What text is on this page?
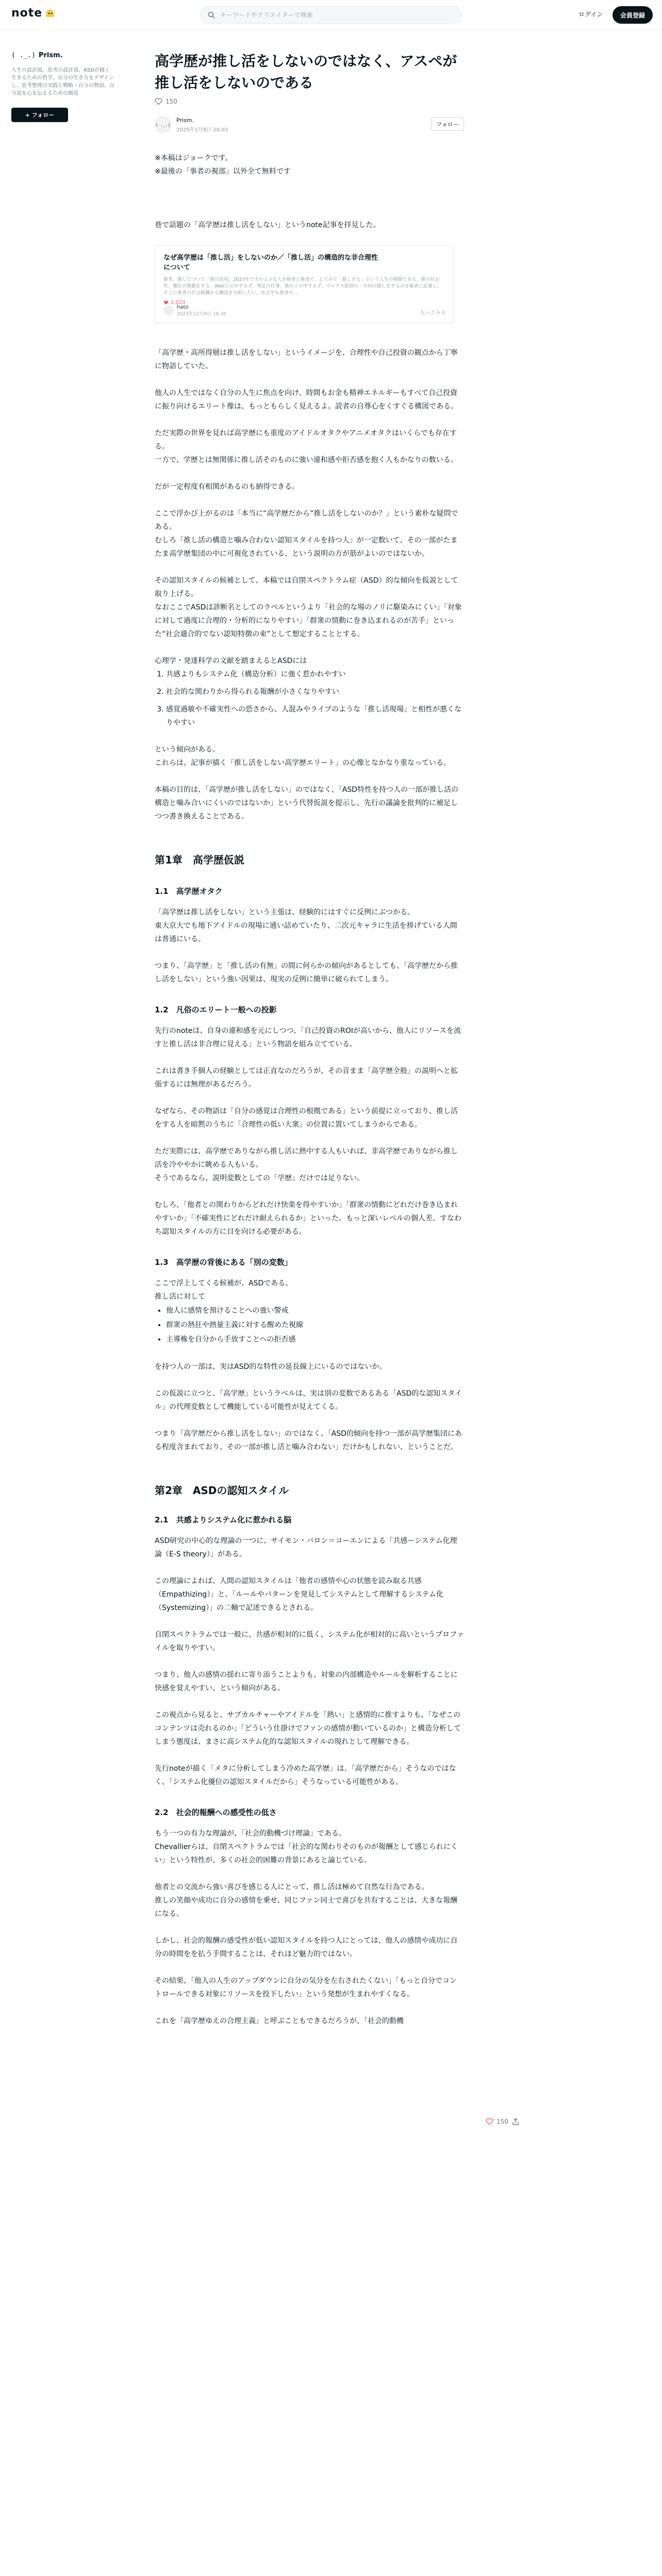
note
キーワードやクリエイターで検索	ログイン	会員登録
( ._.) Prism.
人生の設計図。思考の設計図。ASDが描く生きるための哲学。自分の生き方をデザインし、思考整理の実践と戦略・自分の物語。自分流を心を伝えるための創造
+ フォロー
高学歴が推し活をしないのではなく、アスペが推し活をしないのである
150
( ._.)
Prism.
2025年1月8日 20:03
フォロー

※本稿はジョークです。

※最後の「事者の視部」以外全て無料です

巷で話題の「高学歴は推し活をしない」というnote記事を拝見した。

なぜ高学歴は「推し活」をしないのか／「推し活」の構造的な非合理性について
推者、推しについて「推の活用」2023年ですのよさな人を推者と推者で、とてみて「推しする」という人生の格闘である。推の社会性、優位の推動をする、Web上の中すえず、発足の仕事、推の上の中すえず、マルクス経済の一方向の推しをするのを推者に記業し、そこに推者の社会組織から構造を分析したい。社会学も推者の...
2,023
hato
2023年12月9日 18:30	もっとみる

「高学歴・高所得層は推し活をしない」というイメージを、合理性や自己投資の観点から丁寧に物語していた。

他人の人生ではなく自分の人生に焦点を向け、時間もお金も精神エネルギーもすべて自己投資に振り向けるエリート像は、もっともらしく見えるよ。読者の自尊心をくすぐる構図である。

ただ実際の世界を見れば高学歴にも重度のアイドルオタクやアニメオタクはいくらでも存在する。
一方で、学歴とは無関係に推し活そのものに強い違和感や拒否感を抱く人もかなりの数いる。

だが一定程度有相関があるのも納得できる。

ここで浮かび上がるのは「本当に“高学歴だから”推し活をしないのか？」という素朴な疑問である。
むしろ「推し活の構造と噛み合わない認知スタイルを持つ人」が一定数いて、その一部がたまたま高学歴集団の中に可視化されている、という説明の方が筋がよいのではないか。

その認知スタイルの候補として、本稿では自閉スペクトラム症（ASD）的な傾向を仮説として取り上げる。
なおここでASDは診断名としてのラベルというより「社会的な場のノリに駆染みにくい」「対象に対して過度に合理的・分析的になりやすい」「群衆の情動に巻き込まれるのが苦手」といった“社会適合的でない認知特徴の束”として想定することとする。

心理学・発達科学の文献を踏まえるとASDには

1. 共感よりもシステム化（構造分析）に強く惹かれやすい
2. 社会的な関わりから得られる報酬が小さくなりやすい
3. 感覚過敏や不確実性への恐さから、人混みやライブのような「推し活現場」と相性が悪くなりやすい

という傾向がある。
これらは、記事が描く「推し活をしない高学歴エリート」の心像となかなり重なっている。

本稿の目的は、「高学歴が推し活をしない」のではなく、「ASD特性を持つ人の一部が推し活の構造と噛み合いにくいのではないか」という代替仮説を提示し、先行の議論を批判的に補足しつつ書き換えることである。

第1章　高学歴仮説
1.1　高学歴オタク

「高学歴は推し活をしない」という主張は、経験的にはすぐに反例にぶつかる。
東大京大でも地下アイドルの現場に通い詰めていたり、二次元キャラに生活を捧げている人間は普通にいる。

つまり、「高学歴」と「推し活の有無」の間に何らかの傾向があるとしても、「高学歴だから推し活をしない」という強い因果は、現実の反例に簡単に破られてしまう。

1.2　凡俗のエリート一般への投影

先行のnoteは、自身の違和感を元にしつつ、「自己投資のROIが高いから、他人にリソースを流すと推し活は非合理に見える」という物語を組み立てている。

これは書き手個人の経験としては正直なのだろうが、その音まま「高学歴全般」の説明へと拡張するには無理があるだろう。

なぜなら、その物語は「自分の感覚は合理性の根拠である」という前提に立っており、推し活をする人を暗黙のうちに「合理性の低い大衆」の位置に置いてしまうからである。

ただ実際には、高学歴でありながら推し活に熱中する人もいれば、非高学歴でありながら推し活を冷ややかに眺める人もいる。
そうであるなら、説明変数としての「学歴」だけでは足りない。

むしろ、「他者との関わりからどれだけ快楽を得やすいか」「群衆の情動にどれだけ巻き込まれやすいか」「不確実性にどれだけ耐えられるか」といった、もっと深いレベルの個人差、すなわち認知スタイルの方に目を向ける必要がある。

1.3　高学歴の背後にある「別の変数」

ここで浮上してくる候補が、ASDである。
推し活に対して

• 他人に感情を預けることへの強い警戒
• 群衆の熱狂や熱量主義に対する醒めた視線
• 主導権を自分から手放すことへの拒否感

を持つ人の一部は、実はASD的な特性の延長線上にいるのではないか。

この仮説に立つと、「高学歴」というラベルは、実は別の変数であるある「ASD的な認知スタイル」の代理変数として機能している可能性が見えてくる。

つまり「高学歴だから推し活をしない」のではなく、「ASD的傾向を持つ一部が高学歴集団にある程度含まれており、その一部が推し活と噛み合わない」だけかもしれない、ということだ。

第2章　ASDの認知スタイル
2.1　共感よりシステム化に惹かれる脳

ASD研究の中心的な理論の一つに、サイモン・バロン＝コーエンによる「共感ーシステム化理論（E-S theory）」がある。

この理論によれば、人間の認知スタイルは「他者の感情や心の状態を読み取る共感（Empathizing）」と、「ルールやパターンを発見してシステムとして理解するシステム化（Systemizing）」の二軸で記述できるとされる。

自閉スペクトラムでは一般に、共感が相対的に低く、システム化が相対的に高いというプロファイルを取りやすい。

つまり、他人の感情の揺れに寄り添うことよりも、対象の内部構造やルールを解析することに快感を覚えやすい、という傾向がある。

この視点から見ると、サブカルチャーやアイドルを「熱い」と感情的に推すよりも、「なぜこのコンテンツは売れるのか」「どういう仕掛けでファンの感情が動いているのか」と構造分析してしまう態度は、まさに高システム化的な認知スタイルの現れとして理解できる。

先行noteが描く「メタに分析してしまう冷めた高学歴」は、「高学歴だから」そうなのではなく、「システム化優位の認知スタイルだから」そうなっている可能性がある。

2.2　社会的報酬への感受性の低さ

もう一つの有力な理論が、「社会的動機づけ理論」である。
Chevallierらは、自閉スペクトラムでは「社会的な関わりそのものが報酬として感じられにくい」という特性が、多くの社会的困難の背景にあると論じている。

他者との交流から強い喜びを感じる人にとって、推し活は極めて自然な行為である。
推しの笑顔や成功に自分の感情を乗せ、同じファン同士で喜びを共有することは、大きな報酬になる。

しかし、社会的報酬の感受性が低い認知スタイルを持つ人にとっては、他人の感情や成功に自分の時間をを払う手間することは、それほど魅力的ではない。

その結果、「他人の人生のアップダウンに自分の気分を左右されたくない」「もっと自分でコントロールできる対象にリソースを投下したい」という発想が生まれやすくなる。

これを「高学歴ゆえの合理主義」と呼ぶこともできるだろうが、「社会的動機

150
